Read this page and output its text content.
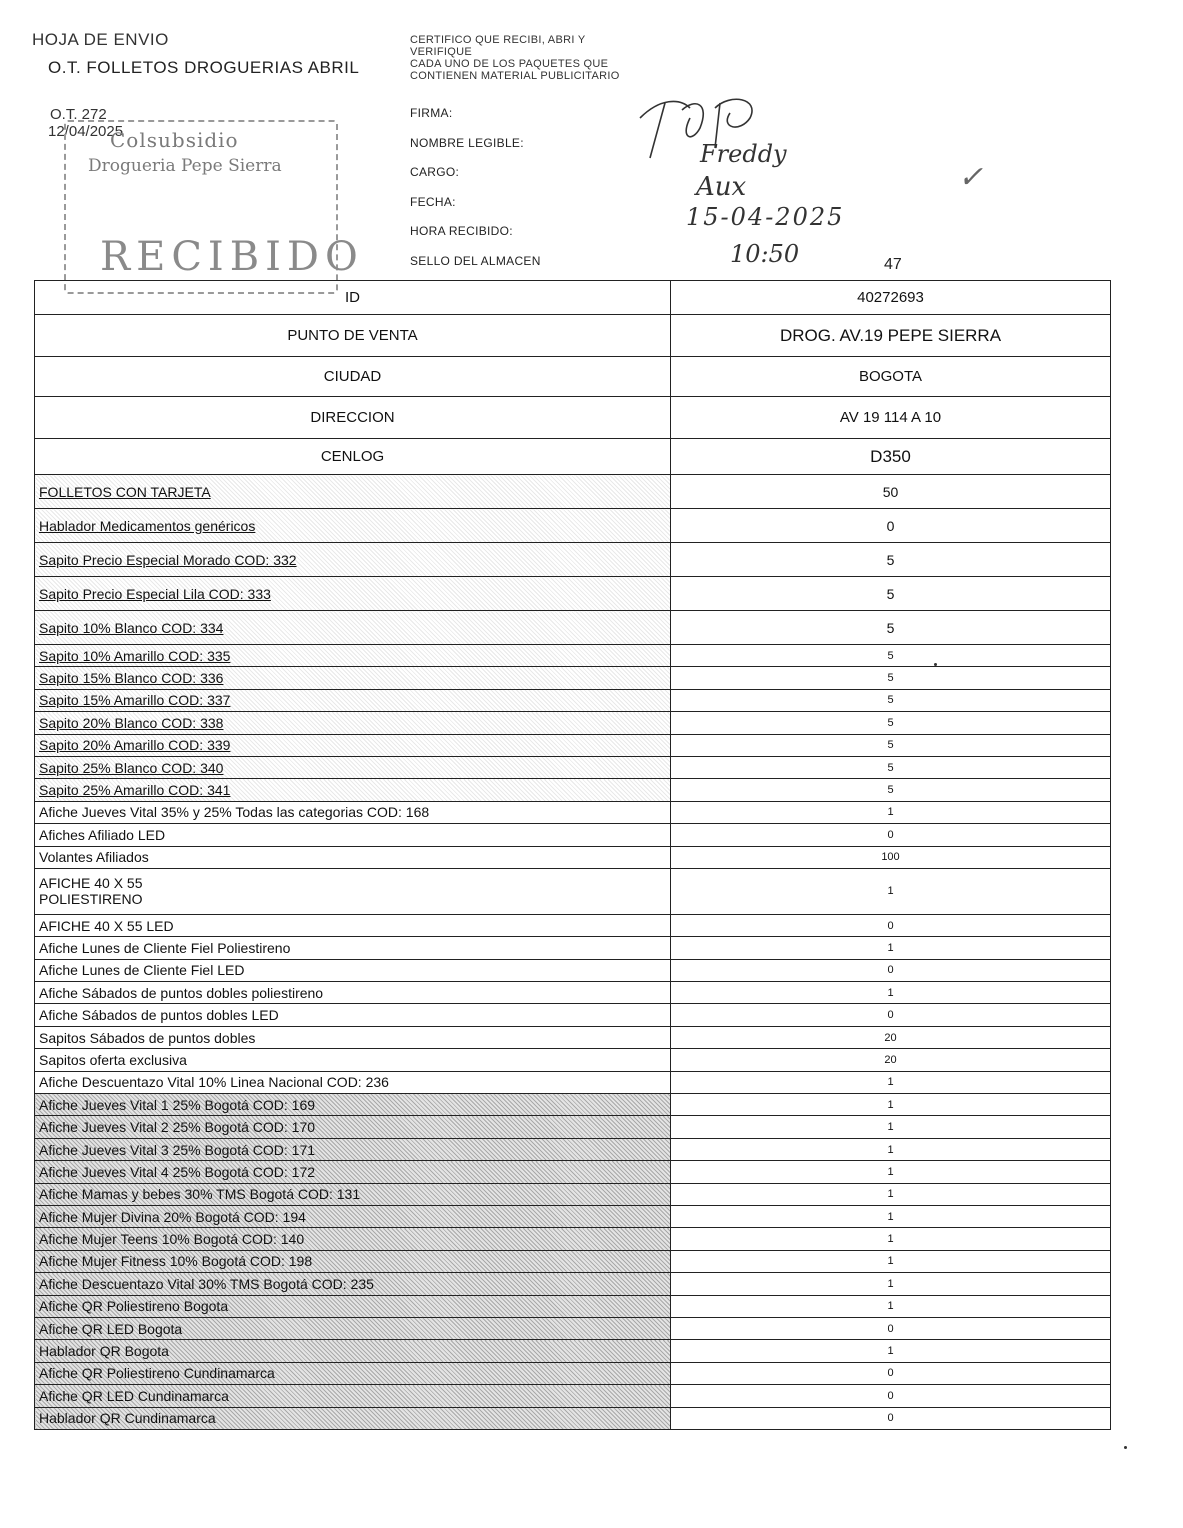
HOJA DE ENVIO
O.T. FOLLETOS DROGUERIAS ABRIL
O.T. 272
12/04/2025
Colsubsidio
Drogueria Pepe Sierra
RECIBIDO
CERTIFICO QUE RECIBI, ABRI Y
VERIFIQUE
CADA UNO DE LOS PAQUETES QUE
CONTIENEN MATERIAL PUBLICITARIO
FIRMA:
NOMBRE LEGIBLE:
CARGO:
FECHA:
HORA RECIBIDO:
SELLO DEL ALMACEN
Freddy
Aux
15-04-2025
10:50
✓
47
ID	40272693
PUNTO DE VENTA	DROG. AV.19 PEPE SIERRA
CIUDAD	BOGOTA
DIRECCION	AV 19 114 A 10
CENLOG	D350

FOLLETOS CON TARJETA	50

Hablador Medicamentos genéricos	0

Sapito Precio Especial Morado COD: 332	5

Sapito Precio Especial Lila COD: 333	5

Sapito 10% Blanco COD: 334	5

Sapito 10% Amarillo COD: 335	5

Sapito 15% Blanco COD: 336	5

Sapito 15% Amarillo COD: 337	5

Sapito 20% Blanco COD: 338	5

Sapito 20% Amarillo COD: 339	5

Sapito 25% Blanco COD: 340	5

Sapito 25% Amarillo COD: 341	5

Afiche Jueves Vital 35% y 25% Todas las categorias COD: 168	1

Afiches Afiliado LED	0

Volantes Afiliados	100

AFICHE 40 X 55
POLIESTIRENO	1

AFICHE 40 X 55 LED	0

Afiche Lunes de Cliente Fiel Poliestireno	1

Afiche Lunes de Cliente Fiel LED	0

Afiche Sábados de puntos dobles poliestireno	1

Afiche Sábados de puntos dobles LED	0

Sapitos Sábados de puntos dobles	20

Sapitos oferta exclusiva	20

Afiche Descuentazo Vital 10% Linea Nacional COD: 236	1

Afiche Jueves Vital 1 25% Bogotá COD: 169	1

Afiche Jueves Vital 2 25% Bogotá COD: 170	1

Afiche Jueves Vital 3 25% Bogotá COD: 171	1

Afiche Jueves Vital 4 25% Bogotá COD: 172	1

Afiche Mamas y bebes 30% TMS Bogotá COD: 131	1

Afiche Mujer Divina 20% Bogotá COD: 194	1

Afiche Mujer Teens 10% Bogotá COD: 140	1

Afiche Mujer Fitness 10% Bogotá COD: 198	1

Afiche Descuentazo Vital 30% TMS Bogotá COD: 235	1

Afiche QR Poliestireno Bogota	1

Afiche QR LED Bogota	0

Hablador QR Bogota	1

Afiche QR Poliestireno Cundinamarca	0

Afiche QR LED Cundinamarca	0

Hablador QR Cundinamarca	0
